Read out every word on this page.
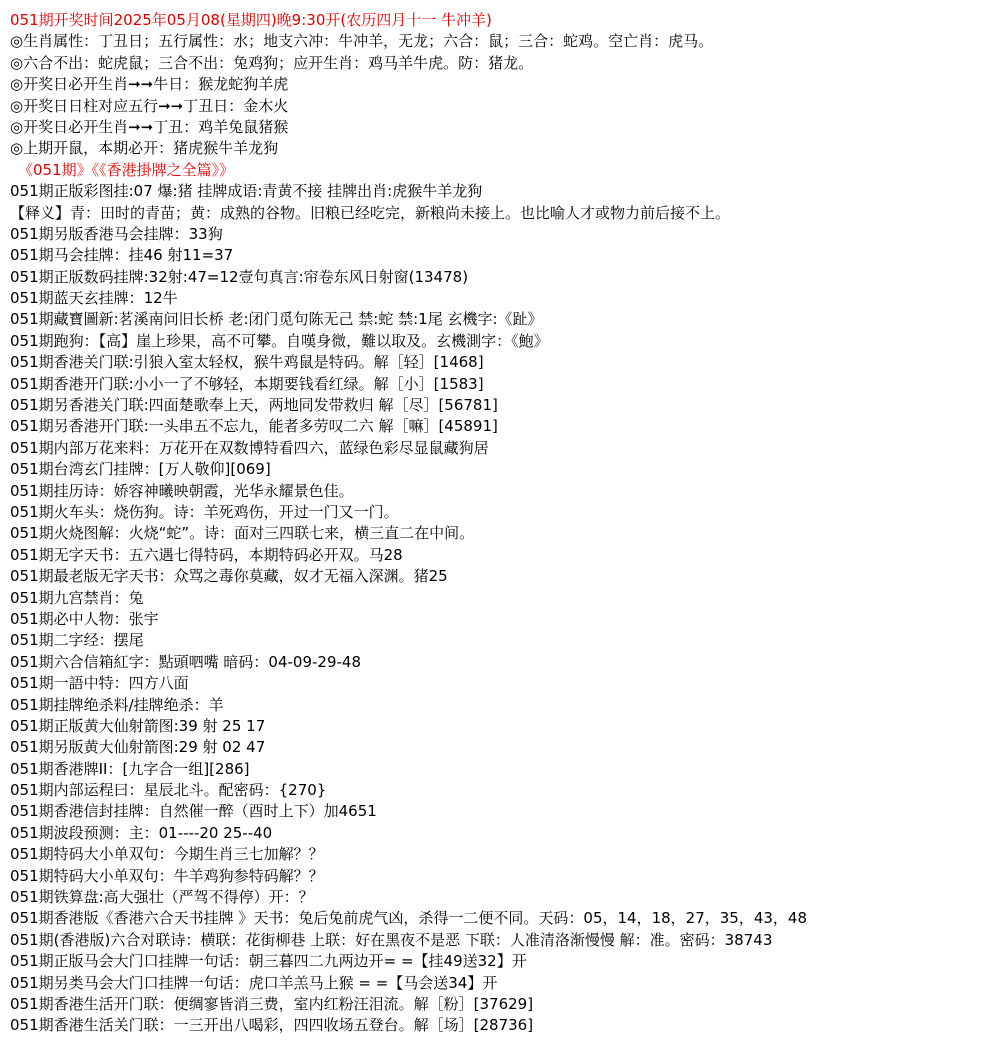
051期开奖时间2025年05月08(星期四)晚9:30开(农历四月十一 牛冲羊)
◎生肖属性：丁丑日；五行属性：水；地支六冲：牛冲羊，无龙；六合：鼠；三合：蛇鸡。空亡肖：虎马。
◎六合不出：蛇虎鼠；三合不出：兔鸡狗；应开生肖：鸡马羊牛虎。防：猪龙。
◎开奖日必开生肖➞➞牛日：猴龙蛇狗羊虎
◎开奖日日柱对应五行➞➞丁丑日：金木火
◎开奖日必开生肖➞➞丁丑：鸡羊兔鼠猪猴
◎上期开鼠，本期必开：猪虎猴牛羊龙狗
《051期》《《香港掛牌之全篇》》
051期正版彩图挂:07 爆:猪 挂牌成语:青黄不接 挂牌出肖:虎猴牛羊龙狗
【释义】青：田时的青苗；黄：成熟的谷物。旧粮已经吃完，新粮尚未接上。也比喻人才或物力前后接不上。
051期另版香港马会挂牌：33狗
051期马会挂牌：挂46 射11=37
051期正版数码挂牌:32射:47=12壹句真言:帘卷东风日射窗(13478)
051期蓝天玄挂牌：12牛
051期藏寶圖新:茗溪南问旧长桥 老:闭门觅句陈无己 禁:蛇 禁:1尾 玄機字:《趾》
051期跑狗：【高】崖上珍果，高不可攀。自嘆身微，難以取及。玄機測字：《鮑》
051期香港关门联:引狼入室太轻权，猴牛鸡鼠是特码。解［轻］[1468]
051期香港开门联:小小一了不够轻，本期要钱看红绿。解［小］[1583]
051期另香港关门联:四面楚歌奉上天，两地同发带救归 解［尽］[56781]
051期另香港开门联:一头串五不忘九，能者多劳叹二六 解［嘛］[45891]
051期内部万花来料：万花开在双数博特看四六，蓝绿色彩尽显鼠藏狗居
051期台湾玄门挂牌：[万人敬仰][069]
051期挂历诗：娇容神曦映朝霞，光华永耀景色佳。
051期火车头：烧伤狗。诗：羊死鸡伤，开过一门又一门。
051期火烧图解：火烧“蛇”。诗：面对三四联七来，横三直二在中间。
051期无字天书：五六遇七得特码，本期特码必开双。马28
051期最老版无字天书：众骂之毒你莫藏，奴才无福入深渊。猪25
051期九宫禁肖：兔
051期必中人物：张宇
051期二字经：摆尾
051期六合信箱紅字：點頭呬嘴 暗码：04-09-29-48
051期一語中特：四方八面
051期挂牌绝杀料/挂牌绝杀：羊
051期正版黄大仙射箭图:39 射 25 17
051期另版黄大仙射箭图:29 射 02 47
051期香港牌II：[九字合一组][286]
051期内部运程曰：星辰北斗。配密码：{270}
051期香港信封挂牌：自然催一醉（酉时上下）加4651
051期波段预测：主：01----20 25--40
051期特码大小单双句：今期生肖三七加解？？
051期特码大小单双句：牛羊鸡狗参特码解？？
051期铁算盘:高大强壮（严驾不得停）开：？
051期香港版《香港六合天书挂牌 》天书：兔后兔前虎气凶，杀得一二便不同。天码：05，14，18，27，35，43，48
051期(香港版)六合对联诗：横联：花街柳巷 上联：好在黑夜不是恶 下联：人准清洛渐慢慢 解：准。密码：38743
051期正版马会大门口挂牌一句话：朝三暮四二九两边开= =【挂49送32】开
051期另类马会大门口挂牌一句话：虎口羊羔马上猴 = =【马会送34】开
051期香港生活开门联：便绸寥皆消三费，室内红粉汪泪流。解［粉］[37629]
051期香港生活关门联：一三开出八喝彩，四四收场五登台。解［场］[28736]
